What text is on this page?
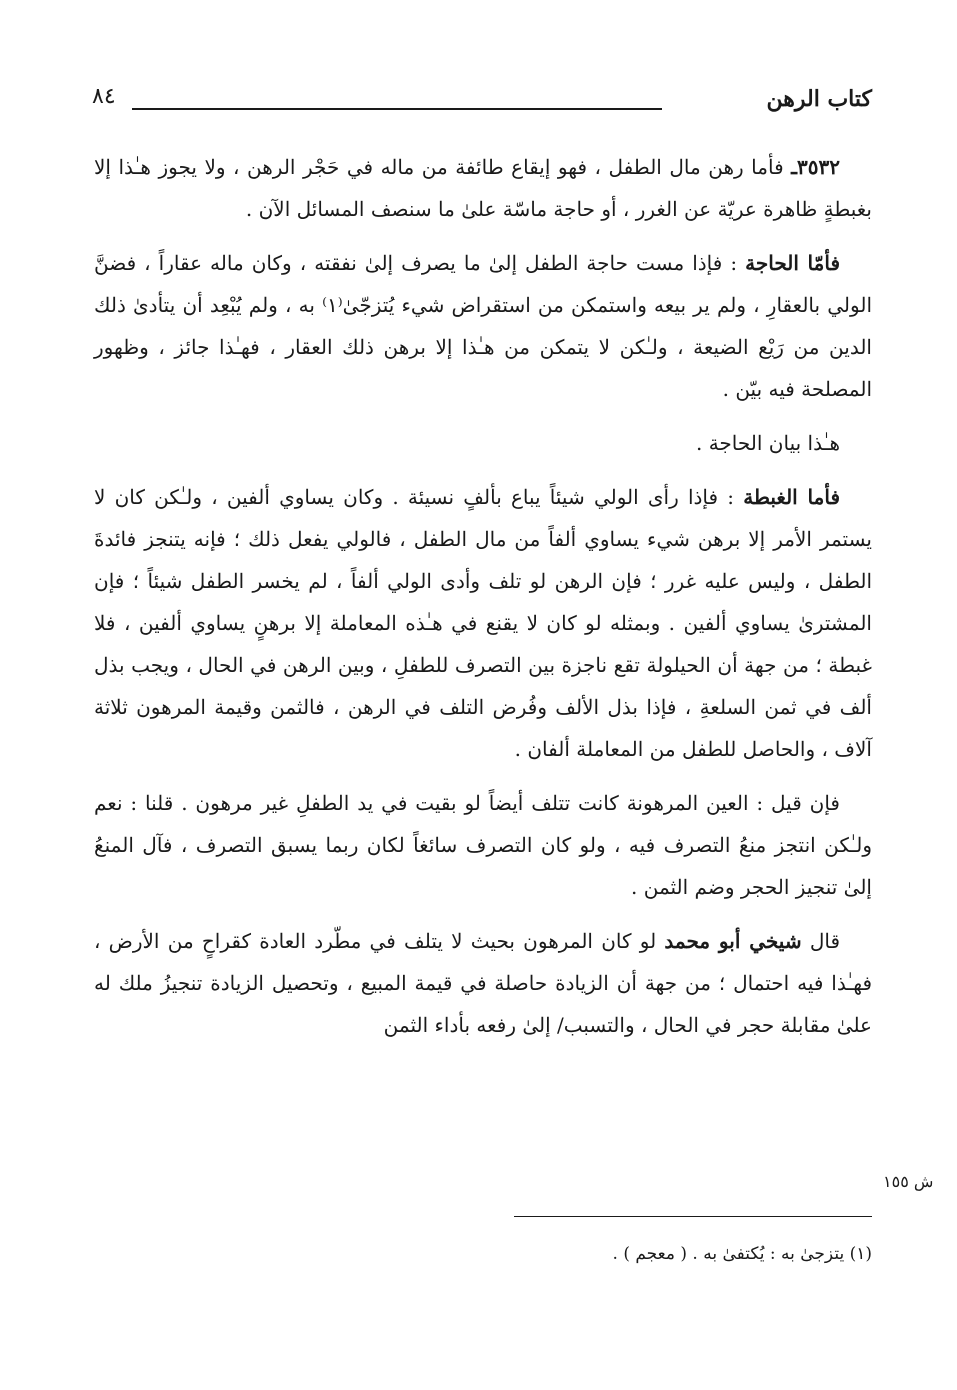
كتاب الرهن
٨٤

٣٥٣٢ـ فأما رهن مال الطفل ، فهو إيقاع طائفة من ماله في حَجْر الرهن ، ولا يجوز هـٰذا إلا بغبطةٍ ظاهرة عريّة عن الغرر ، أو حاجة ماسّة علىٰ ما سنصف المسائل الآن .

فأمّا الحاجة : فإذا مست حاجة الطفل إلىٰ ما يصرف إلىٰ نفقته ، وكان ماله عقاراً ، فضنَّ الولي بالعقارِ ، ولم ير بيعه واستمكن من استقراض شيء يُتزجّىٰ⁽١⁾ به ، ولم يُبْعِد أن يتأدىٰ ذلك الدين من رَيْع الضيعة ، ولـٰكن لا يتمكن من هـٰذا إلا برهن ذلك العقار ، فهـٰذا جائز ، وظهور المصلحة فيه بيّن .

هـٰذا بيان الحاجة .

فأما الغبطة : فإذا رأى الولي شيئاً يباع بألفٍ نسيئة . وكان يساوي ألفين ، ولـٰكن كان لا يستمر الأمر إلا برهن شيء يساوي ألفاً من مال الطفل ، فالولي يفعل ذلك ؛ فإنه يتنجز فائدةَ الطفل ، وليس عليه غرر ؛ فإن الرهن لو تلف وأدى الولي ألفاً ، لم يخسر الطفل شيئاً ؛ فإن المشترىٰ يساوي ألفين . وبمثله لو كان لا يقنع في هـٰذه المعاملة إلا برهنٍ يساوي ألفين ، فلا غبطة ؛ من جهة أن الحيلولة تقع ناجزة بين التصرف للطفلِ ، وبين الرهن في الحال ، ويجب بذل ألف في ثمن السلعةِ ، فإذا بذل الألف وفُرض التلف في الرهن ، فالثمن وقيمة المرهون ثلاثة آلاف ، والحاصل للطفل من المعاملة ألفان .

فإن قيل : العين المرهونة كانت تتلف أيضاً لو بقيت في يد الطفلِ غير مرهون . قلنا : نعم ولـٰكن انتجز منعُ التصرف فيه ، ولو كان التصرف سائغاً لكان ربما يسبق التصرف ، فآل المنعُ إلىٰ تنجيز الحجر وضم الثمن .

قال شيخي أبو محمد لو كان المرهون بحيث لا يتلف في مطّرد العادة كقراحٍ من الأرض ، فهـٰذا فيه احتمال ؛ من جهة أن الزيادة حاصلة في قيمة المبيع ، وتحصيل الزيادة تنجيزُ ملك له علىٰ مقابلة حجر في الحال ، والتسبب/ إلىٰ رفعه بأداء الثمن

ش ١٥٥
(١) يتزجىٰ به : يُكتفىٰ به . ( معجم ) .
